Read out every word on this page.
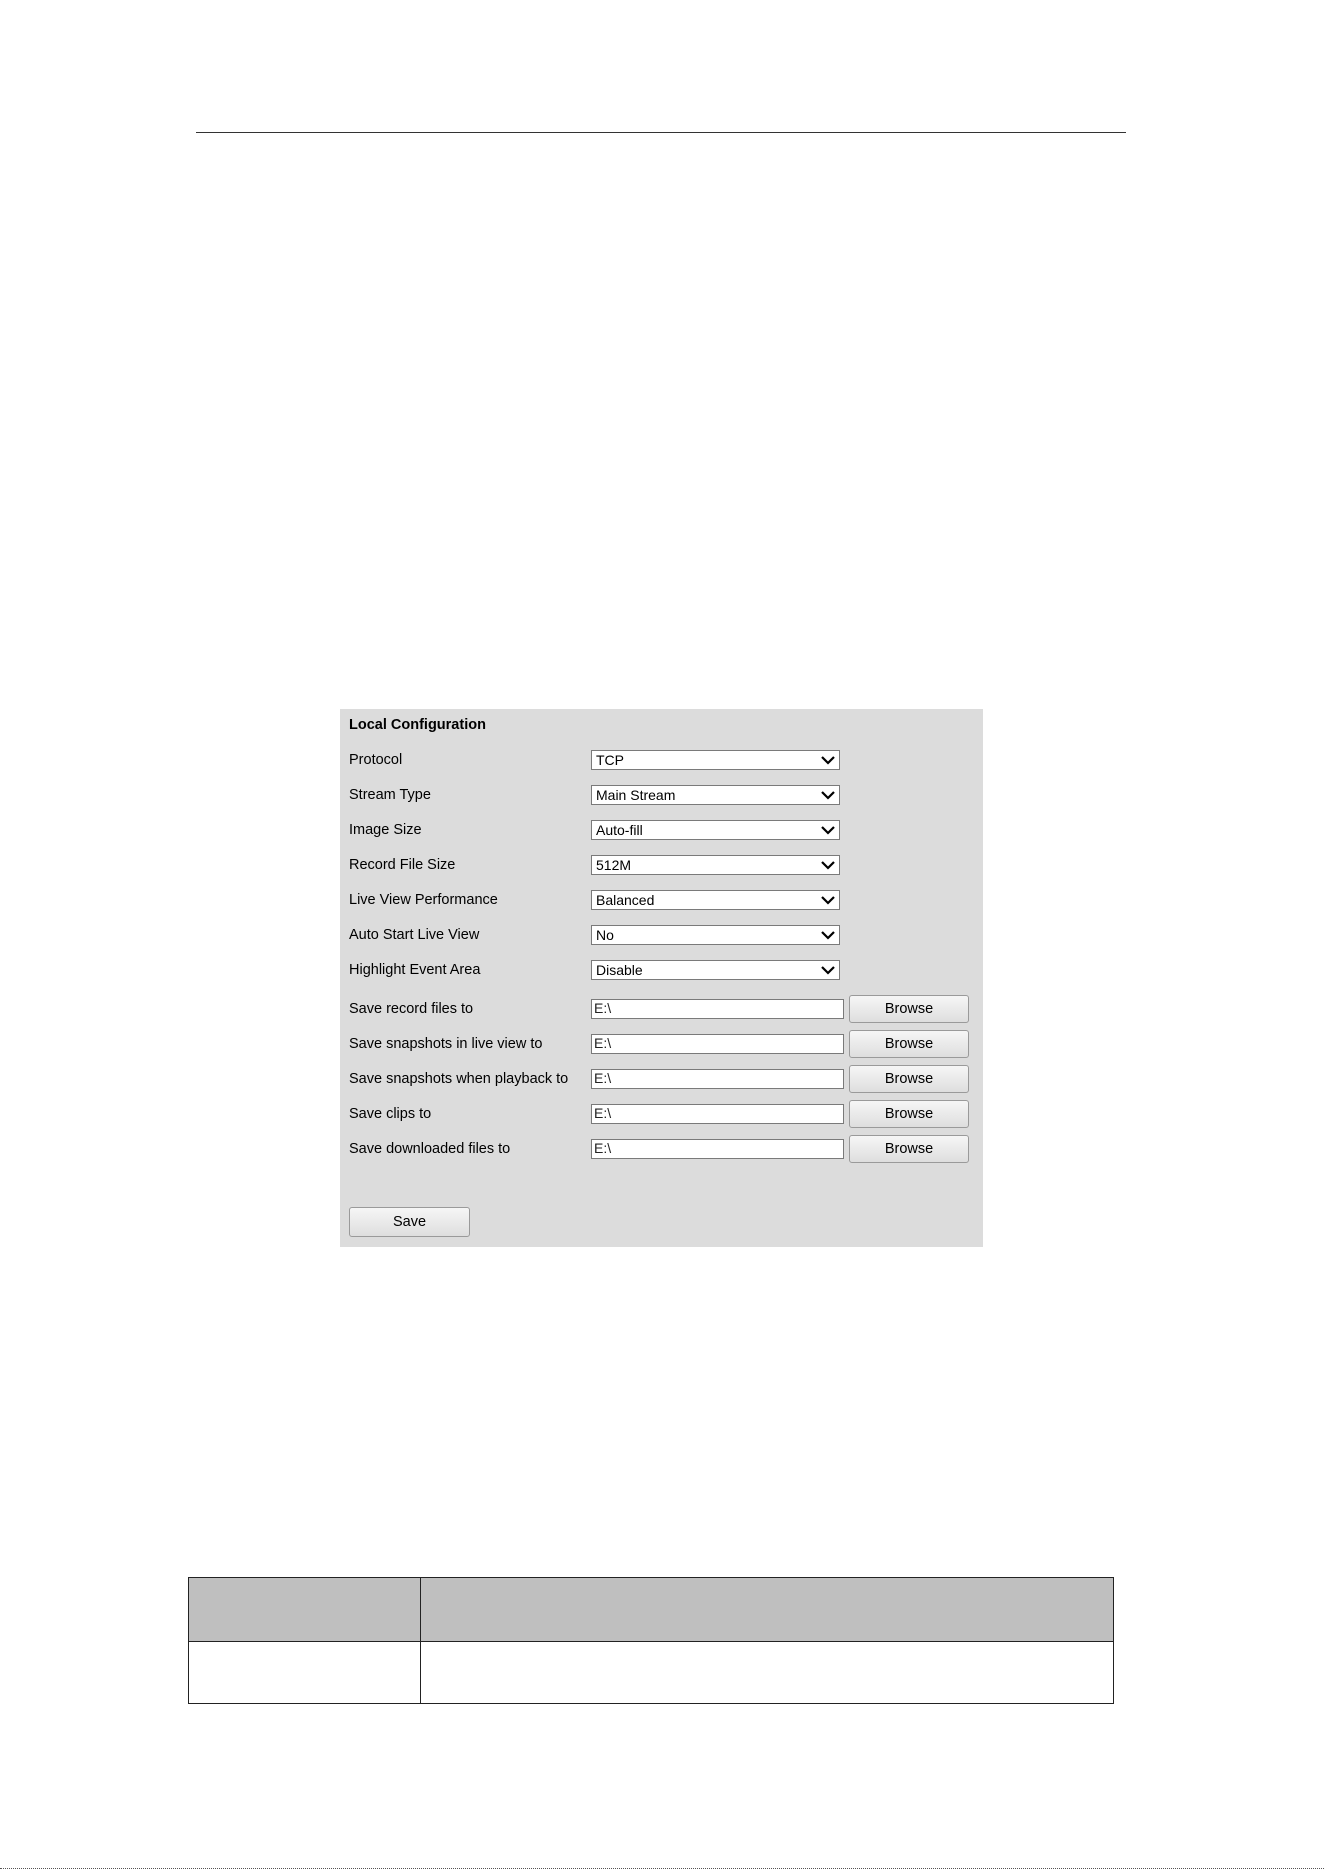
Local Configuration
Protocol	TCP
Stream Type	Main Stream
Image Size	Auto-fill
Record File Size	512M
Live View Performance	Balanced
Auto Start Live View	No
Highlight Event Area	Disable
Save record files to	E:\	Browse
Save snapshots in live view to	E:\	Browse
Save snapshots when playback to E:\	Browse
Save clips to	E:\	Browse
Save downloaded files to	E:\	Browse
Save
